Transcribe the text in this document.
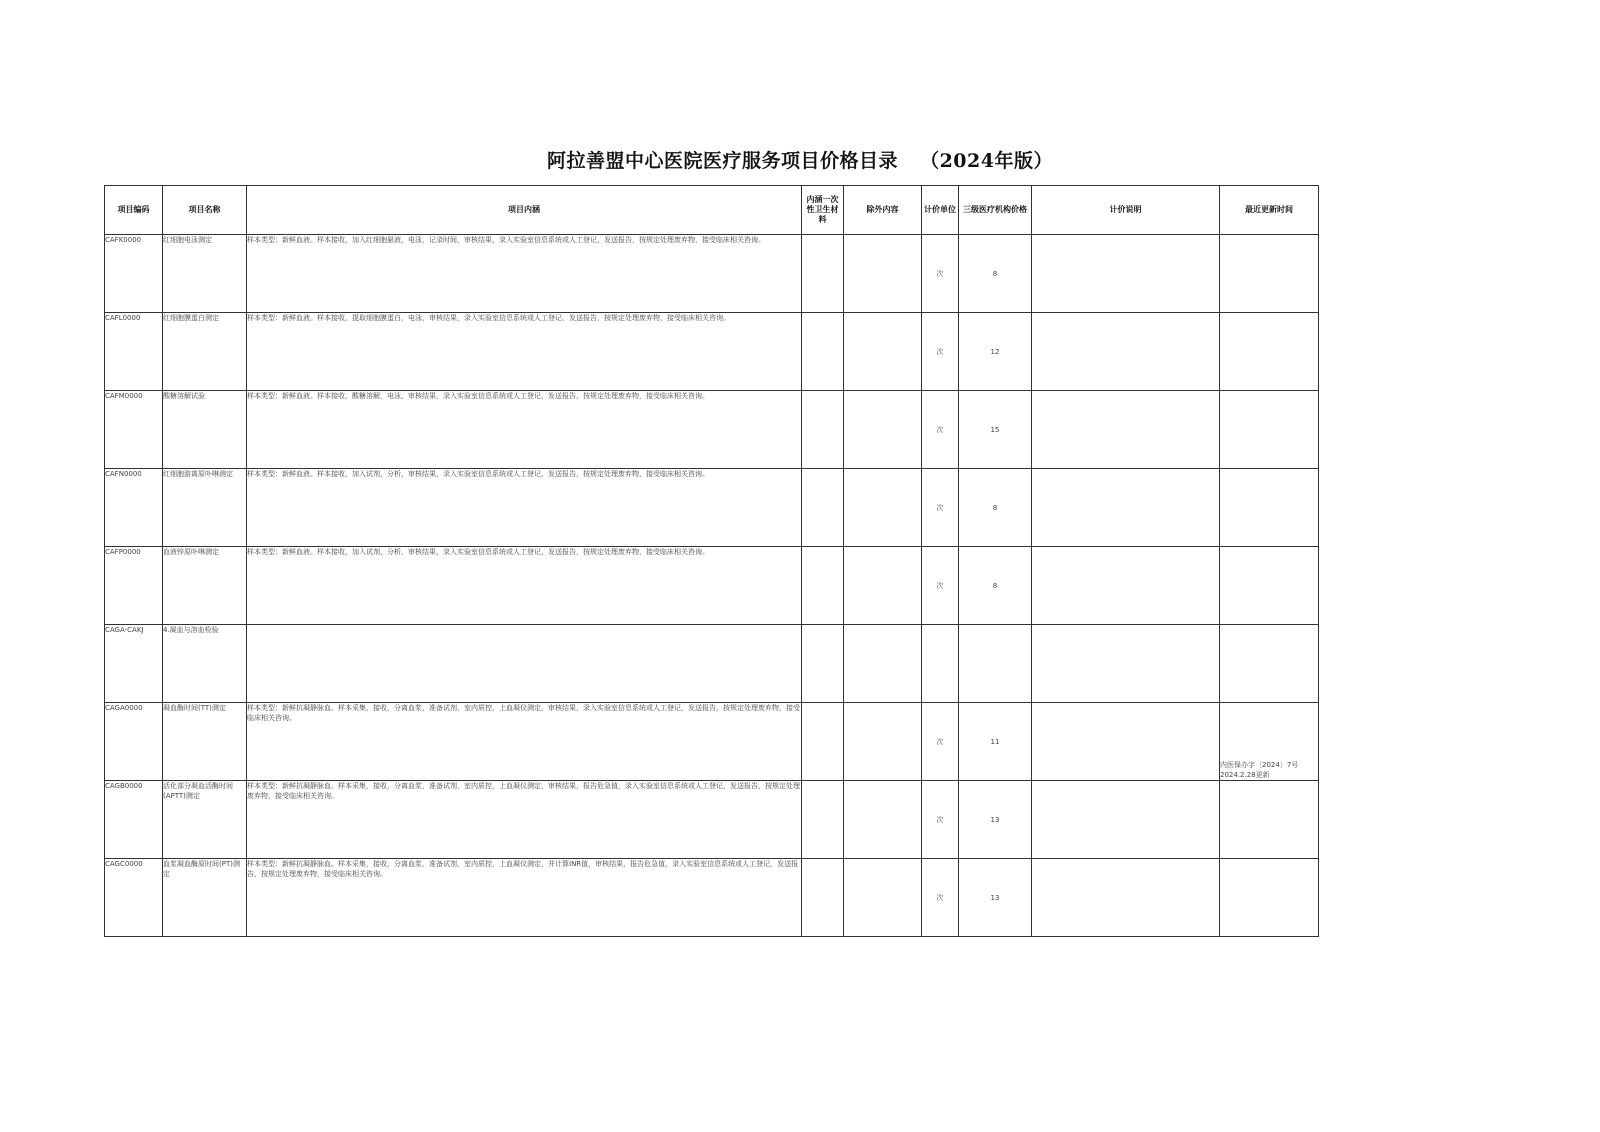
阿拉善盟中心医院医疗服务项目价格目录 （2024年版）
项目编码	项目名称	项目内涵	内涵一次性卫生材料	除外内容	计价单位	三级医疗机构价格	计价说明	最近更新时间
CAFK0000	红细胞电泳测定	样本类型：新鲜血液。样本接收，加入红细胞悬液，电泳，记录时间，审核结果，录入实验室信息系统或人工登记，发送报告，按规定处理废弃物，接受临床相关咨询。			次	8		
CAFL0000	红细胞膜蛋白测定	样本类型：新鲜血液。样本接收，提取细胞膜蛋白，电泳，审核结果，录入实验室信息系统或人工登记，发送报告，按规定处理废弃物，接受临床相关咨询。			次	12		
CAFM0000	酸糖溶解试验	样本类型：新鲜血液。样本接收，酸糖溶解，电泳，审核结果，录入实验室信息系统或人工登记，发送报告，按规定处理废弃物，接受临床相关咨询。			次	15		
CAFN0000	红细胞游离原卟啉测定	样本类型：新鲜血液。样本接收，加入试剂，分析，审核结果，录入实验室信息系统或人工登记，发送报告，按规定处理废弃物，接受临床相关咨询。			次	8		
CAFP0000	血液锌原卟啉测定	样本类型：新鲜血液。样本接收，加入试剂，分析，审核结果，录入实验室信息系统或人工登记，发送报告，按规定处理废弃物，接受临床相关咨询。			次	8		
CAGA-CAKJ	4.凝血与溶血检验							
CAGA0000	凝血酶时间(TT)测定	样本类型：新鲜抗凝静脉血。样本采集，接收，分离血浆，准备试剂，室内质控，上血凝仪测定，审核结果，录入实验室信息系统或人工登记，发送报告，按规定处理废弃物，接受临床相关咨询。			次	11		内医保办字〔2024〕7号 2024.2.28更新
CAGB0000	活化部分凝血活酶时间(APTT)测定	样本类型：新鲜抗凝静脉血。样本采集，接收，分离血浆，准备试剂，室内质控，上血凝仪测定，审核结果，报告危急值，录入实验室信息系统或人工登记，发送报告，按规定处理废弃物，接受临床相关咨询。			次	13		
CAGC0000	血浆凝血酶原时间(PT)测定	样本类型：新鲜抗凝静脉血。样本采集，接收，分离血浆，准备试剂，室内质控，上血凝仪测定，并计算INR值，审核结果，报告危急值，录入实验室信息系统或人工登记，发送报告，按规定处理废弃物，接受临床相关咨询。			次	13		
